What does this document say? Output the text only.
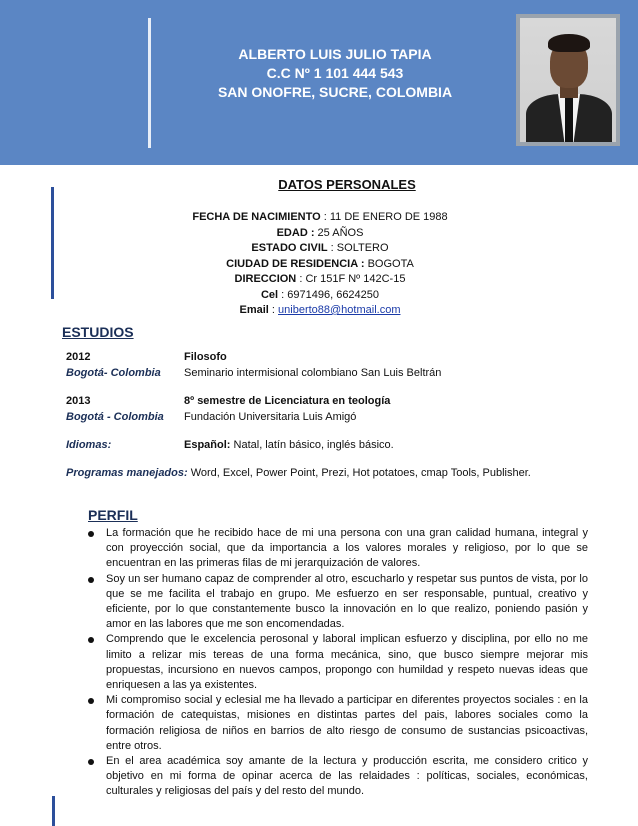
ALBERTO LUIS JULIO TAPIA
C.C Nº 1 101 444 543
SAN ONOFRE, SUCRE, COLOMBIA
DATOS PERSONALES
FECHA DE NACIMIENTO : 11 DE ENERO DE 1988
EDAD : 25 AÑOS
ESTADO CIVIL : SOLTERO
CIUDAD DE RESIDENCIA : BOGOTA
DIRECCION : Cr 151F Nº 142C-15
Cel : 6971496, 6624250
Email : uniberto88@hotmail.com
ESTUDIOS
2012	Filosofo
Bogotá- Colombia	Seminario intermisional colombiano San Luis Beltrán
2013	8º semestre de Licenciatura en teología
Bogotá - Colombia	Fundación Universitaria Luis Amigó
Idiomas:	Español: Natal, latín básico, inglés básico.
Programas manejados: Word, Excel, Power Point, Prezi, Hot potatoes, cmap Tools, Publisher.
PERFIL
La formación que he recibido hace de mi una persona con una gran calidad humana, integral y con proyección social, que da importancia a los valores morales y religioso, por lo que se encuentran en las primeras filas de mi jerarquización de valores.
Soy un ser humano capaz de comprender al otro, escucharlo y respetar sus puntos de vista, por lo que se me facilita el trabajo en grupo. Me esfuerzo en ser responsable, puntual, creativo y eficiente, por lo que constantemente busco la innovación en lo que realizo, poniendo pasión y amor en las labores que me son encomendadas.
Comprendo que le excelencia perosonal y laboral implican esfuerzo y disciplina, por ello no me limito a relizar mis tereas de una forma mecánica, sino, que busco siempre mejorar mis propuestas, incursiono en nuevos campos, propongo con humildad y respeto nuevas ideas que enriquesen a las ya existentes.
Mi compromiso social y eclesial me ha llevado a participar en diferentes proyectos sociales : en la formación de catequistas, misiones en distintas partes del pais, labores sociales como la formación religiosa de niños en barrios de alto riesgo de consumo de sustancias psicoactivas, entre otros.
En el area académica soy amante de la lectura y producción escrita, me considero critico y objetivo en mi forma de opinar acerca de las relaidades : políticas, sociales, económicas, culturales y religiosas del país y del resto del mundo.
